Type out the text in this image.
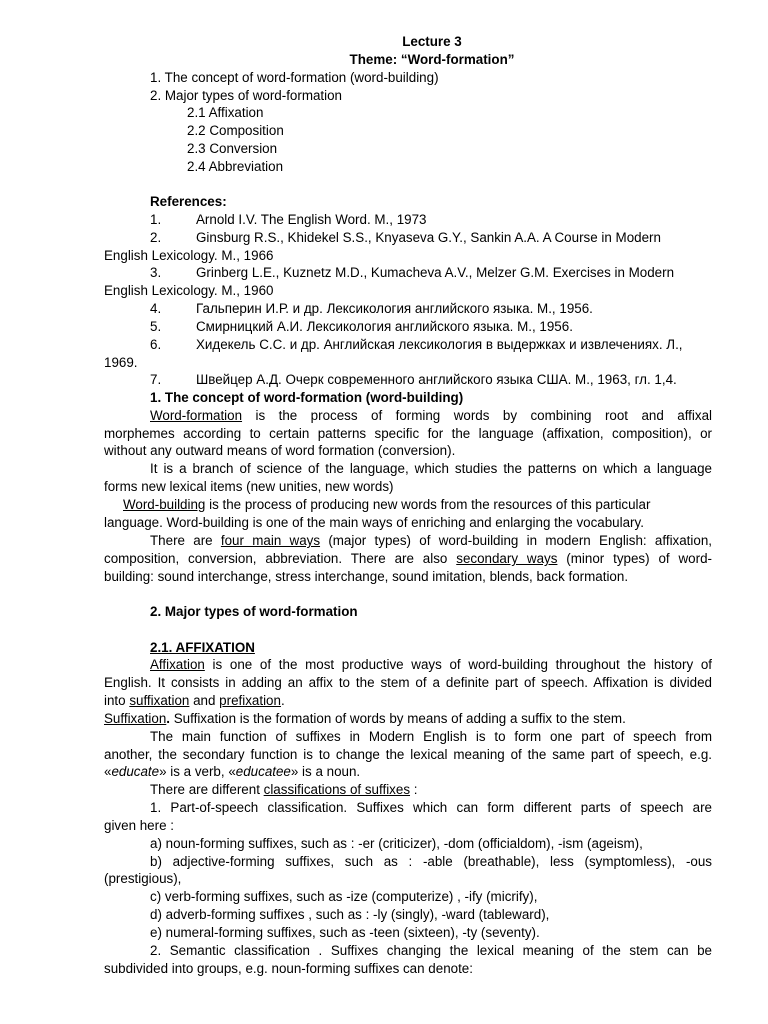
Lecture 3
Theme: “Word-formation”
1. The concept of word-formation (word-building)
2. Major types of word-formation
2.1 Affixation
2.2 Composition
2.3 Conversion
2.4 Abbreviation
References:
1.	Arnold I.V. The English Word. M., 1973
2.	Ginsburg R.S., Khidekel S.S., Knyaseva G.Y., Sankin A.A. A Course in Modern
English Lexicology. M., 1966
3.	Grinberg L.E., Kuznetz M.D., Kumacheva A.V., Melzer G.M. Exercises in Modern
English Lexicology. M., 1960
4.	Гальперин И.Р. и др. Лексикология английского языка. М., 1956.
5.	Смирницкий А.И. Лексикология английского языка. М., 1956.
6.	Хидекель С.С. и др. Английская лексикология в выдержках и извлечениях. Л.,
1969.
7.	Швейцер А.Д. Очерк современного английского языка США. М., 1963, гл. 1,4.
1. The concept of word-formation (word-building)
Word-formation is the process of forming words by combining root and affixal
morphemes according to certain patterns specific for the language (affixation, composition), or
without any outward means of word formation (conversion).
It is a branch of science of the language, which studies the patterns on which a language
forms new lexical items (new unities, new words)
Word-building is the process of producing new words from the resources of this particular
language. Word-building is one of the main ways of enriching and enlarging the vocabulary.
There are four main ways (major types) of word-building in modern English: affixation,
composition, conversion, abbreviation. There are also secondary ways (minor types) of word-
building: sound interchange, stress interchange, sound imitation, blends, back formation.
2. Major types of word-formation
2.1. AFFIXATION
Affixation is one of the most productive ways of word-building throughout the history of
English. It consists in adding an affix to the stem of a definite part of speech. Affixation is divided
into suffixation and prefixation.
Suffixation. Suffixation is the formation of words by means of adding a suffix to the stem.
The main function of suffixes in Modern English is to form one part of speech from
another, the secondary function is to change the lexical meaning of the same part of speech, e.g.
«educate» is a verb, «educatee» is a noun.
There are different classifications of suffixes :
1. Part-of-speech classification. Suffixes which can form different parts of speech are
given here :
a) noun-forming suffixes, such as : -er (criticizer), -dom (officialdom), -ism (ageism),
b) adjective-forming suffixes, such as : -able (breathable), less (symptomless), -ous
(prestigious),
c) verb-forming suffixes, such as -ize (computerize) , -ify (micrify),
d) adverb-forming suffixes , such as : -ly (singly), -ward (tableward),
e) numeral-forming suffixes, such as -teen (sixteen), -ty (seventy).
2. Semantic classification . Suffixes changing the lexical meaning of the stem can be
subdivided into groups, e.g. noun-forming suffixes can denote:
